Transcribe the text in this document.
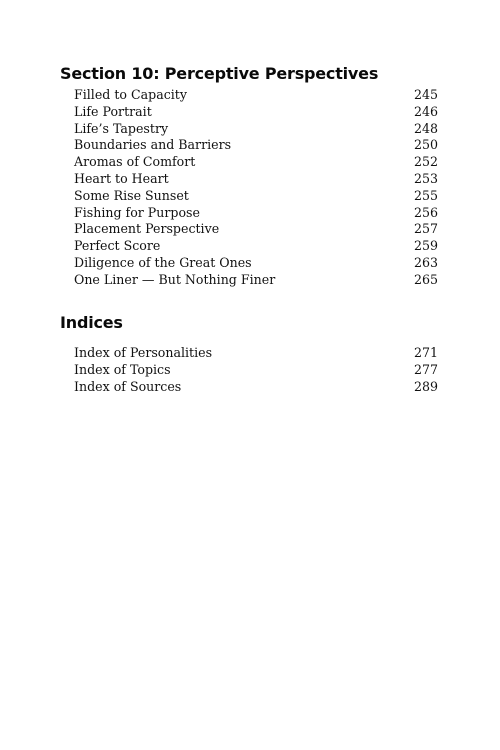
Section 10: Perceptive Perspectives
Filled to Capacity	245
Life Portrait	246
Life’s Tapestry	248
Boundaries and Barriers	250
Aromas of Comfort	252
Heart to Heart	253
Some Rise Sunset	255
Fishing for Purpose	256
Placement Perspective	257
Perfect Score	259
Diligence of the Great Ones	263
One Liner — But Nothing Finer	265
Indices
Index of Personalities	271
Index of Topics	277
Index of Sources	289
